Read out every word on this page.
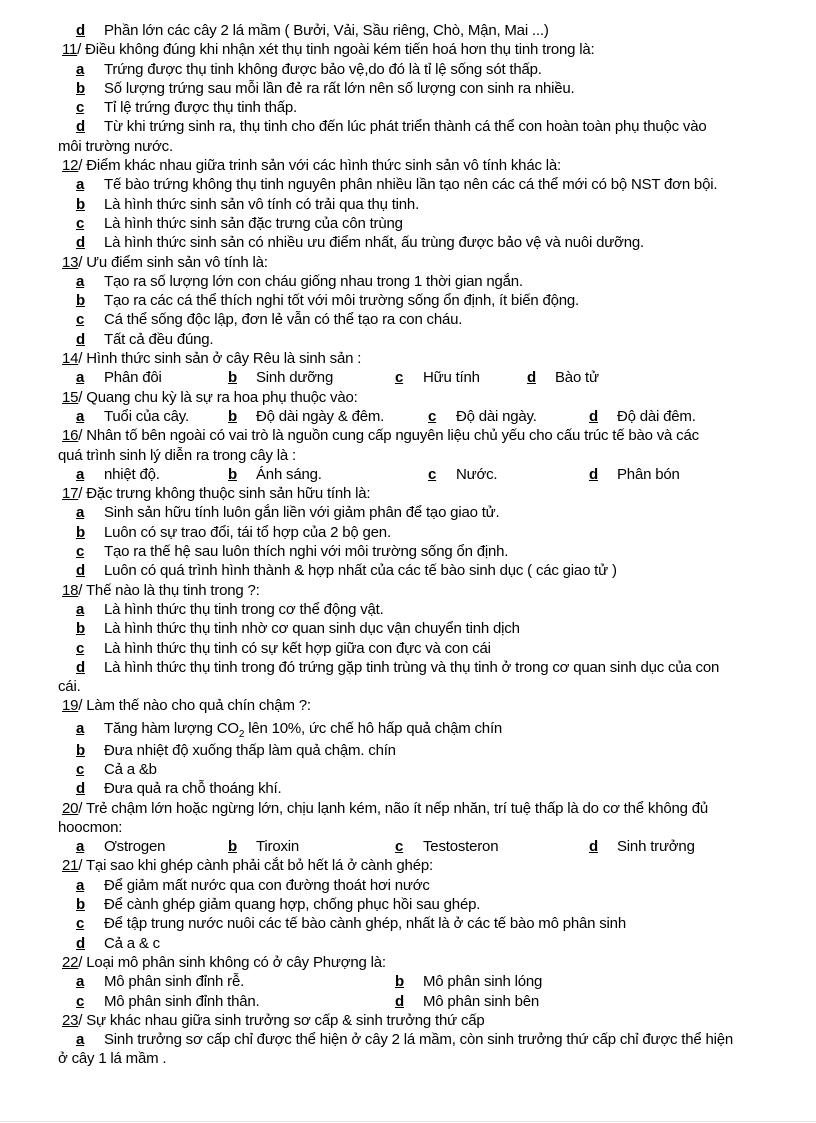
d Phần lớn các cây 2 lá mầm ( Bưởi, Vải, Sầu riêng, Chò, Mận, Mai ...)
11/ Điều không đúng khi nhận xét thụ tinh ngoài kém tiến hoá hơn thụ tinh trong là:
a Trứng được thụ tinh không được bảo vệ,do đó là tỉ lệ sống sót thấp.
b Số lượng trứng sau mỗi lần đẻ ra rất lớn nên số lượng con sinh ra nhiều.
c Tỉ lệ trứng được thụ tinh thấp.
d Từ khi trứng sinh ra, thụ tinh cho đến lúc phát triển thành cá thể con hoàn toàn phụ thuộc vào
môi trường nước.
12/ Điểm khác nhau giữa trinh sản với các hình thức sinh sản vô tính khác là:
a Tế bào trứng không thụ tinh nguyên phân nhiều lần tạo nên các cá thể mới có bộ NST đơn bội.
b Là hình thức sinh sản vô tính có trải qua thụ tinh.
c Là hình thức sinh sản đặc trưng của côn trùng
d Là hình thức sinh sản có nhiều ưu điểm nhất, ấu trùng được bảo vệ và nuôi dưỡng.
13/ Ưu điểm sinh sản vô tính là:
a Tạo ra số lượng lớn con cháu giống nhau trong 1 thời gian ngắn.
b Tạo ra các cá thể thích nghi tốt với môi trường sống ổn định, ít biến động.
c Cá thể sống độc lập, đơn lẻ vẫn có thể tạo ra con cháu.
d Tất cả đều đúng.
14/ Hình thức sinh sản ở cây Rêu là sinh sản :
a Phân đôi	b Sinh dưỡng	c Hữu tính	d Bào tử
15/ Quang chu kỳ là sự ra hoa phụ thuộc vào:
a Tuổi của cây.	b Độ dài ngày & đêm.	c Độ dài ngày.	d Độ dài đêm.
16/ Nhân tố bên ngoài có vai trò là nguồn cung cấp nguyên liệu chủ yếu cho cấu trúc tế bào và các
quá trình sinh lý diễn ra trong cây là :
a nhiệt độ.	b Ánh sáng.	c Nước.	d Phân bón
17/ Đặc trưng không thuộc sinh sản hữu tính là:
a Sinh sản hữu tính luôn gắn liền với giảm phân để tạo giao tử.
b Luôn có sự trao đổi, tái tổ hợp của 2 bộ gen.
c Tạo ra thế hệ sau luôn thích nghi với môi trường sống ổn định.
d Luôn có quá trình hình thành & hợp nhất của các tế bào sinh dục ( các giao tử )
18/ Thế nào là thụ tinh trong ?:
a Là hình thức thụ tinh trong cơ thể động vật.
b Là hình thức thụ tinh nhờ cơ quan sinh dục vận chuyển tinh dịch
c Là hình thức thụ tinh có sự kết hợp giữa con đực và con cái
d Là hình thức thụ tinh trong đó trứng gặp tinh trùng và thụ tinh ở trong cơ quan sinh dục của con
cái.
19/ Làm thế nào cho quả chín chậm ?:
a Tăng hàm lượng $CO_2$ lên 10%, ức chế hô hấp quả chậm chín
b Đưa nhiệt độ xuống thấp làm quả chậm. chín
c Cả a &b
d Đưa quả ra chỗ thoáng khí.
20/ Trẻ chậm lớn hoặc ngừng lớn, chịu lạnh kém, não ít nếp nhăn, trí tuệ thấp là do cơ thể không đủ
hoocmon:
a Ơstrogen	b Tiroxin	c Testosteron	d Sinh trưởng
21/ Tại sao khi ghép cành phải cắt bỏ hết lá ở cành ghép:
a Để giảm mất nước qua con đường thoát hơi nước
b Để cành ghép giảm quang hợp, chống phục hồi sau ghép.
c Để tập trung nước nuôi các tế bào cành ghép, nhất là ở các tế bào mô phân sinh
d Cả a & c
22/ Loại mô phân sinh không có ở cây Phượng là:
a Mô phân sinh đỉnh rễ.	b Mô phân sinh lóng
c Mô phân sinh đỉnh thân.	d Mô phân sinh bên
23/ Sự khác nhau giữa sinh trưởng sơ cấp & sinh trưởng thứ cấp
a Sinh trưởng sơ cấp chỉ được thể hiện ở cây 2 lá mầm, còn sinh trưởng thứ cấp chỉ được thể hiện
ở cây 1 lá mầm .
